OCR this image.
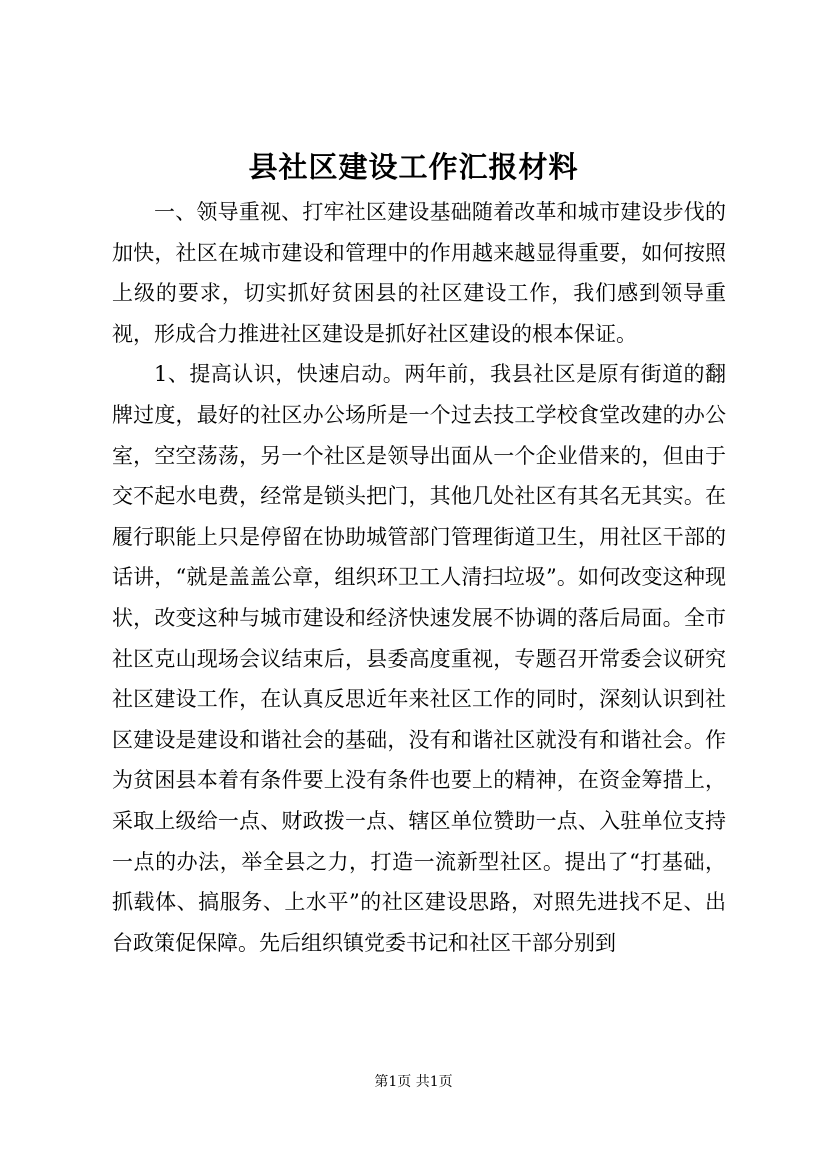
县社区建设工作汇报材料

一、领导重视、打牢社区建设基础随着改革和城市建设步伐的加快，社区在城市建设和管理中的作用越来越显得重要，如何按照上级的要求，切实抓好贫困县的社区建设工作，我们感到领导重视，形成合力推进社区建设是抓好社区建设的根本保证。

1、提高认识，快速启动。两年前，我县社区是原有街道的翻牌过度，最好的社区办公场所是一个过去技工学校食堂改建的办公室，空空荡荡，另一个社区是领导出面从一个企业借来的，但由于交不起水电费，经常是锁头把门，其他几处社区有其名无其实。在履行职能上只是停留在协助城管部门管理街道卫生，用社区干部的话讲，“就是盖盖公章，组织环卫工人清扫垃圾”。如何改变这种现状，改变这种与城市建设和经济快速发展不协调的落后局面。全市社区克山现场会议结束后，县委高度重视，专题召开常委会议研究社区建设工作，在认真反思近年来社区工作的同时，深刻认识到社区建设是建设和谐社会的基础，没有和谐社区就没有和谐社会。作为贫困县本着有条件要上没有条件也要上的精神，在资金筹措上，采取上级给一点、财政拨一点、辖区单位赞助一点、入驻单位支持一点的办法，举全县之力，打造一流新型社区。提出了“打基础，抓载体、搞服务、上水平”的社区建设思路，对照先进找不足、出台政策促保障。先后组织镇党委书记和社区干部分别到

第1页 共1页
